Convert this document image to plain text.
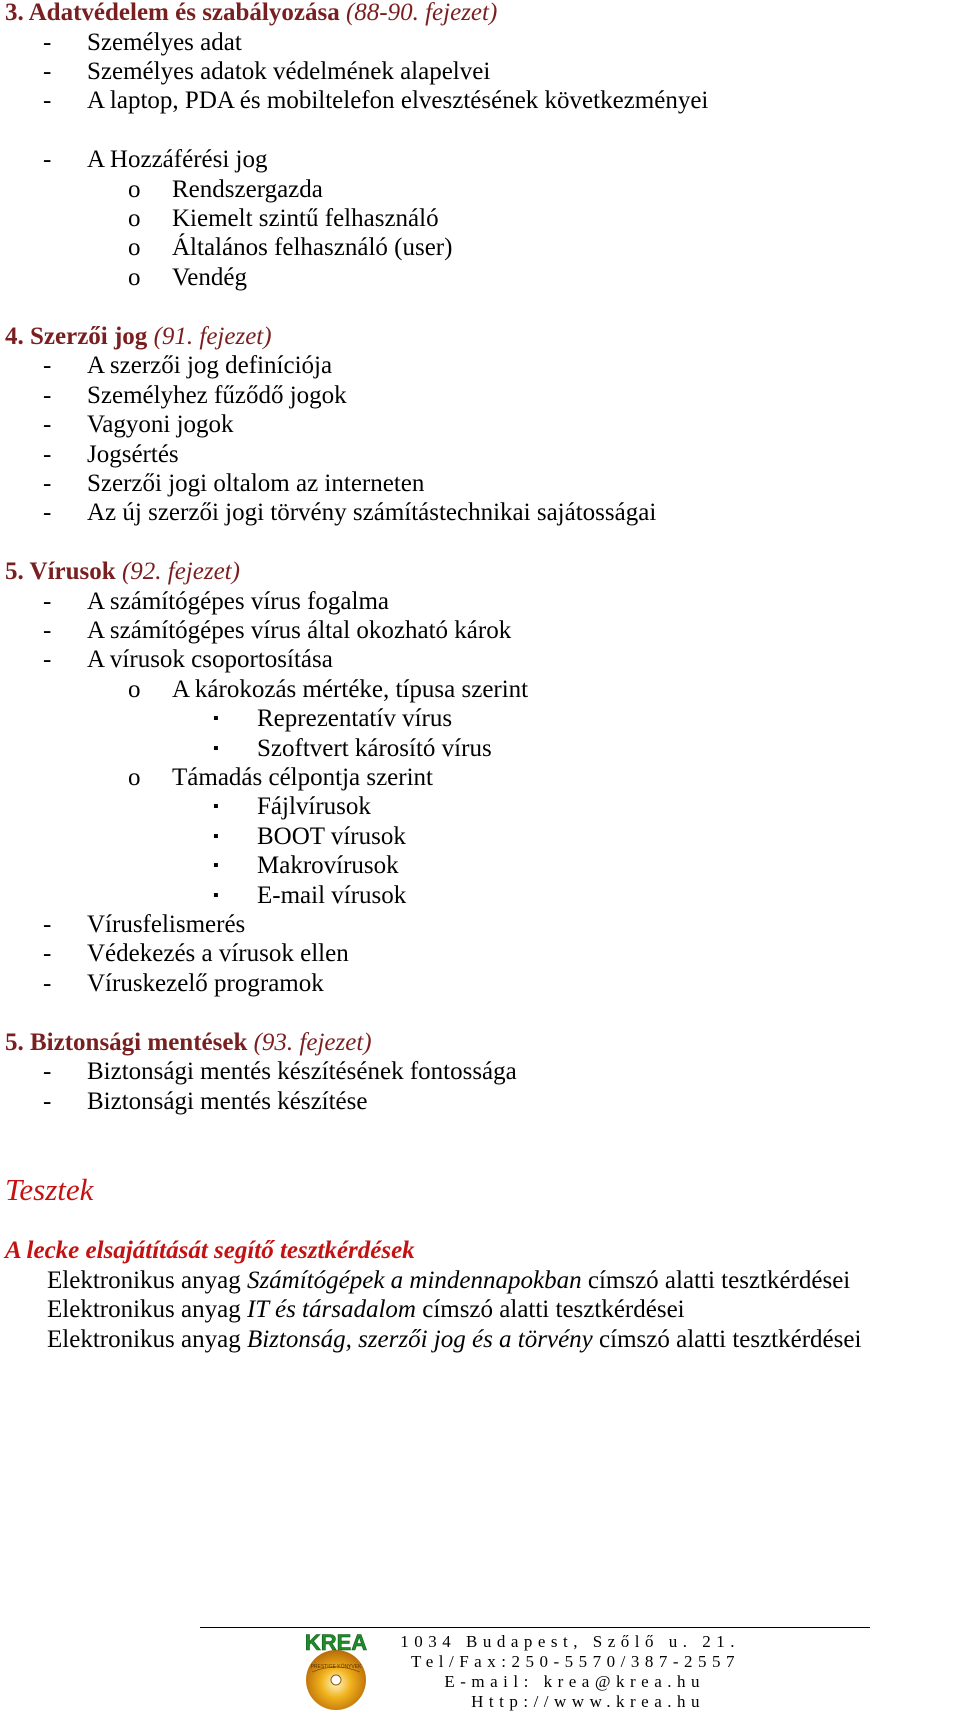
3. Adatvédelem és szabályozása (88-90. fejezet)
- Személyes adat
- Személyes adatok védelmének alapelvei
- A laptop, PDA és mobiltelefon elvesztésének következményei
- A Hozzáférési jog
o Rendszergazda
o Kiemelt szintű felhasználó
o Általános felhasználó (user)
o Vendég
4. Szerzői jog (91. fejezet)
- A szerzői jog definíciója
- Személyhez fűződő jogok
- Vagyoni jogok
- Jogsértés
- Szerzői jogi oltalom az interneten
- Az új szerzői jogi törvény számítástechnikai sajátosságai
5. Vírusok (92. fejezet)
- A számítógépes vírus fogalma
- A számítógépes vírus által okozható károk
- A vírusok csoportosítása
o A károkozás mértéke, típusa szerint
▪ Reprezentatív vírus
▪ Szoftvert károsító vírus
o Támadás célpontja szerint
▪ Fájlvírusok
▪ BOOT vírusok
▪ Makrovírusok
▪ E-mail vírusok
- Vírusfelismerés
- Védekezés a vírusok ellen
- Víruskezelő programok
5. Biztonsági mentések (93. fejezet)
- Biztonsági mentés készítésének fontossága
- Biztonsági mentés készítése
Tesztek
A lecke elsajátítását segítő tesztkérdések
Elektronikus anyag Számítógépek a mindennapokban címszó alatti tesztkérdései
Elektronikus anyag IT és társadalom címszó alatti tesztkérdései
Elektronikus anyag Biztonság, szerzői jog és a törvény címszó alatti tesztkérdései
KREA
PRESTIGE KÖNYVEK
1034 Budapest, Szőlő u. 21.
Tel/Fax:250-5570/387-2557
E-mail: krea@krea.hu
Http://www.krea.hu
